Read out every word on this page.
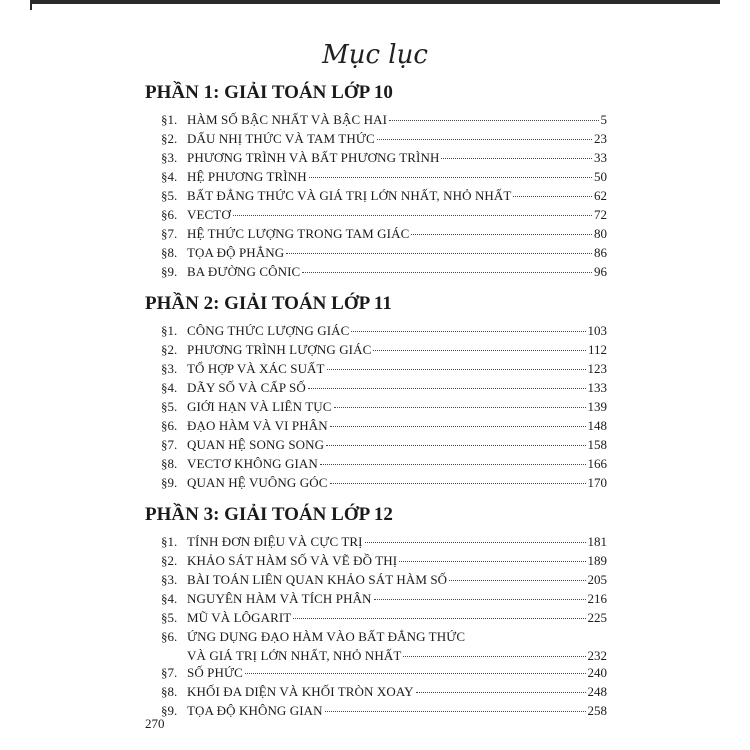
Mục lục
PHẦN 1: GIẢI TOÁN LỚP 10
§1. HÀM SỐ BẬC NHẤT VÀ BẬC HAI	5
§2. DẤU NHỊ THỨC VÀ TAM THỨC	23
§3. PHƯƠNG TRÌNH VÀ BẤT PHƯƠNG TRÌNH	33
§4. HỆ PHƯƠNG TRÌNH	50
§5. BẤT ĐẲNG THỨC VÀ GIÁ TRỊ LỚN NHẤT, NHỎ NHẤT	62
§6. VECTƠ	72
§7. HỆ THỨC LƯỢNG TRONG TAM GIÁC	80
§8. TỌA ĐỘ PHẲNG	86
§9. BA ĐƯỜNG CÔNIC	96
PHẦN 2: GIẢI TOÁN LỚP 11
§1. CÔNG THỨC LƯỢNG GIÁC	103
§2. PHƯƠNG TRÌNH LƯỢNG GIÁC	112
§3. TỔ HỢP VÀ XÁC SUẤT	123
§4. DÃY SỐ VÀ CẤP SỐ	133
§5. GIỚI HẠN VÀ LIÊN TỤC	139
§6. ĐẠO HÀM VÀ VI PHÂN	148
§7. QUAN HỆ SONG SONG	158
§8. VECTƠ KHÔNG GIAN	166
§9. QUAN HỆ VUÔNG GÓC	170
PHẦN 3: GIẢI TOÁN LỚP 12
§1. TÍNH ĐƠN ĐIỆU VÀ CỰC TRỊ	181
§2. KHẢO SÁT HÀM SỐ VÀ VẼ ĐỒ THỊ	189
§3. BÀI TOÁN LIÊN QUAN KHẢO SÁT HÀM SỐ	205
§4. NGUYÊN HÀM VÀ TÍCH PHÂN	216
§5. MŨ VÀ LÔGARIT	225
§6. ỨNG DỤNG ĐẠO HÀM VÀO BẤT ĐẲNG THỨC
VÀ GIÁ TRỊ LỚN NHẤT, NHỎ NHẤT	232
§7. SỐ PHỨC	240
§8. KHỐI ĐA DIỆN VÀ KHỐI TRÒN XOAY	248
§9. TỌA ĐỘ KHÔNG GIAN	258
270
